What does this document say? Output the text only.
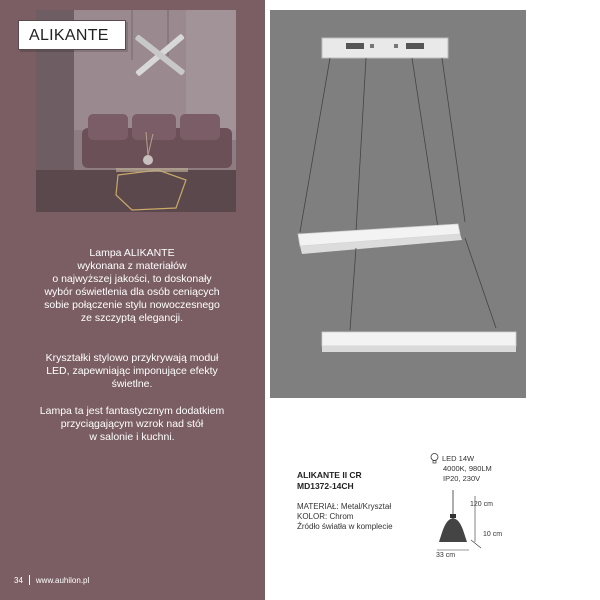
ALIKANTE
Lampa ALIKANTE
wykonana z materiałów
o najwyższej jakości, to doskonały
wybór oświetlenia dla osób ceniących
sobie połączenie stylu nowoczesnego
ze szczyptą elegancji.
Kryształki stylowo przykrywają moduł
LED, zapewniając imponujące efekty
świetlne.
Lampa ta jest fantastycznym dodatkiem
przyciągającym wzrok nad stół
w salonie i kuchni.
34 www.auhilon.pl
ALIKANTE II CR
MD1372-14CH
MATERIAŁ: Metal/Kryształ
KOLOR: Chrom
Źródło światła w komplecie
LED 14W
4000K, 980LM
IP20, 230V
120 cm
10 cm
33 cm
